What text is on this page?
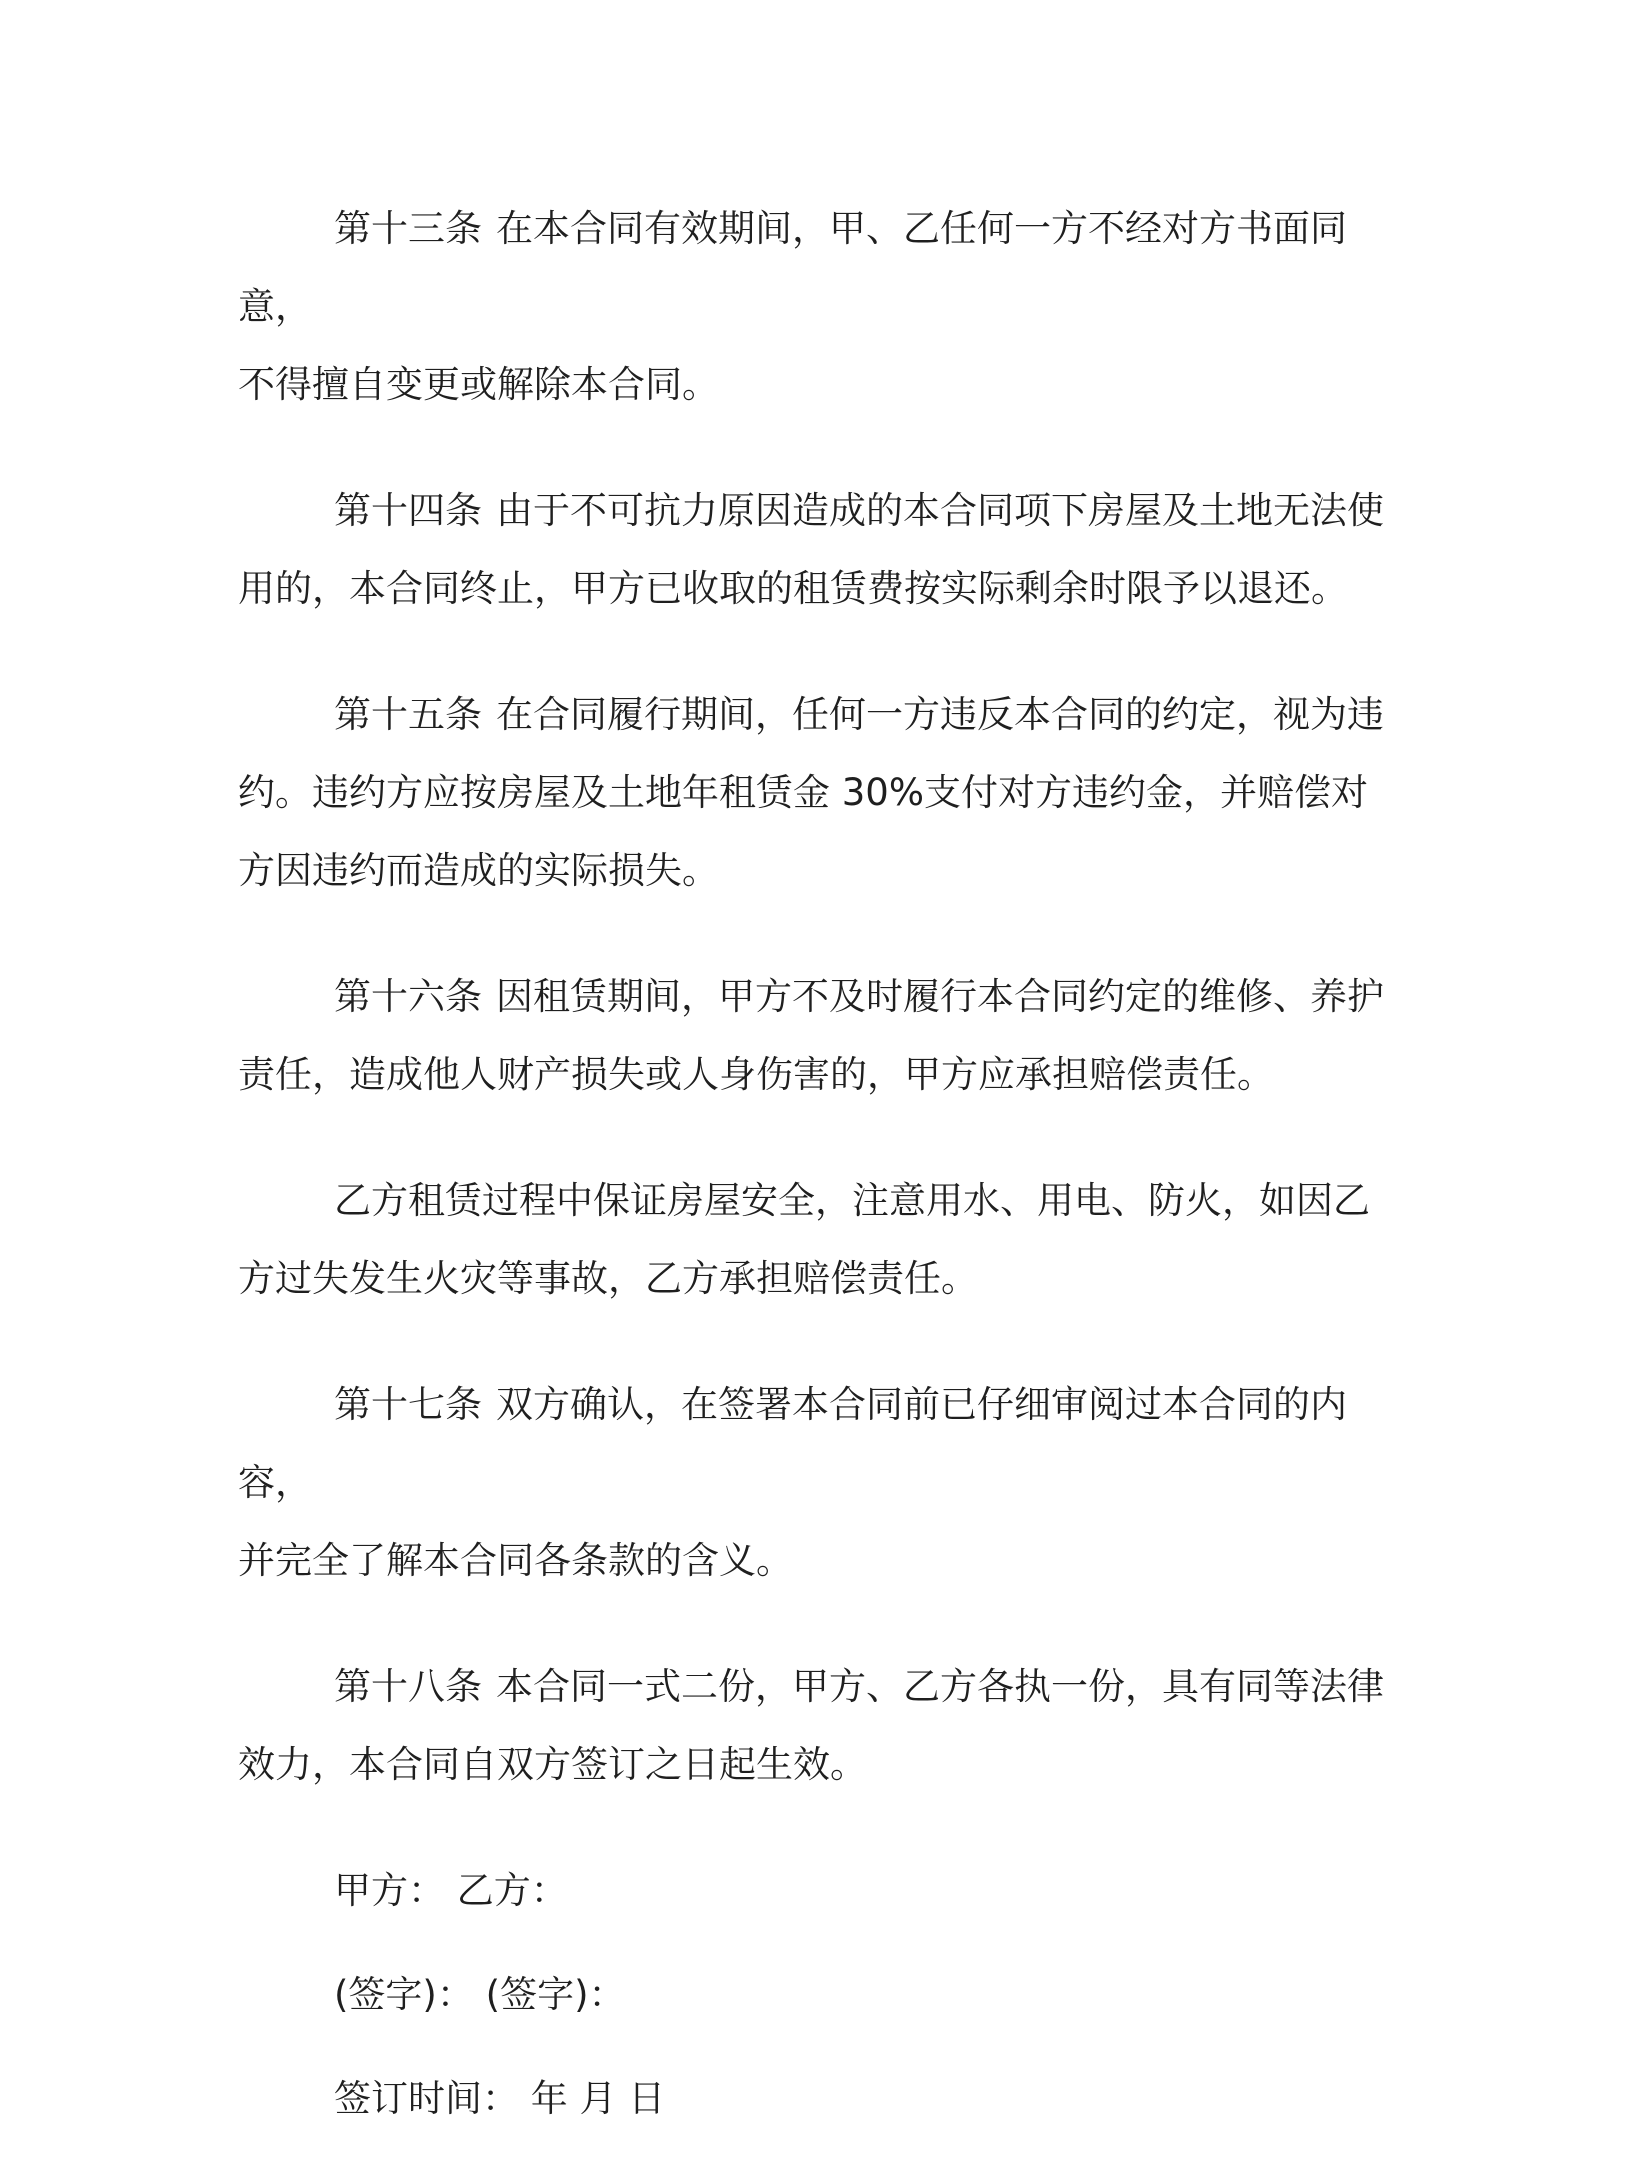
第十三条 在本合同有效期间，甲、乙任何一方不经对方书面同意，
不得擅自变更或解除本合同。

第十四条 由于不可抗力原因造成的本合同项下房屋及土地无法使
用的，本合同终止，甲方已收取的租赁费按实际剩余时限予以退还。

第十五条 在合同履行期间，任何一方违反本合同的约定，视为违
约。违约方应按房屋及土地年租赁金 30%支付对方违约金，并赔偿对
方因违约而造成的实际损失。

第十六条 因租赁期间，甲方不及时履行本合同约定的维修、养护
责任，造成他人财产损失或人身伤害的，甲方应承担赔偿责任。

乙方租赁过程中保证房屋安全，注意用水、用电、防火，如因乙
方过失发生火灾等事故，乙方承担赔偿责任。

第十七条 双方确认，在签署本合同前已仔细审阅过本合同的内容，
并完全了解本合同各条款的含义。

第十八条 本合同一式二份，甲方、乙方各执一份，具有同等法律
效力，本合同自双方签订之日起生效。

甲方： 乙方：

(签字)： (签字)：

签订时间： 年 月 日
